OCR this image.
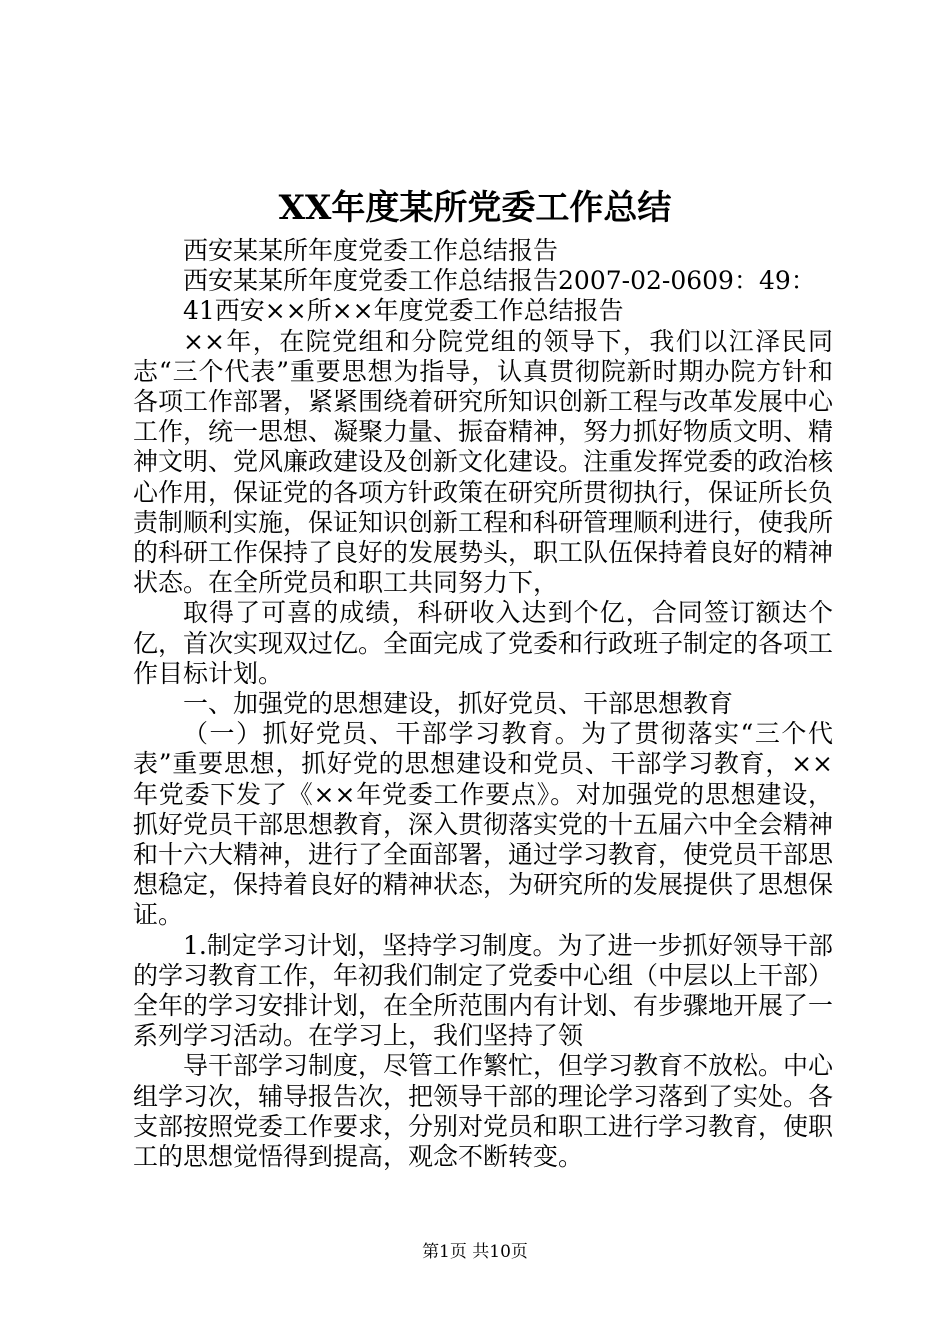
XX年度某所党委工作总结

西安某某所年度党委工作总结报告

西安某某所年度党委工作总结报告2007-02-0609：49：

41西安××所××年度党委工作总结报告

××年，在院党组和分院党组的领导下，我们以江泽民同志“三个代表”重要思想为指导，认真贯彻院新时期办院方针和各项工作部署，紧紧围绕着研究所知识创新工程与改革发展中心工作，统一思想、凝聚力量、振奋精神，努力抓好物质文明、精神文明、党风廉政建设及创新文化建设。注重发挥党委的政治核心作用，保证党的各项方针政策在研究所贯彻执行，保证所长负责制顺利实施，保证知识创新工程和科研管理顺利进行，使我所的科研工作保持了良好的发展势头，职工队伍保持着良好的精神状态。在全所党员和职工共同努力下，

取得了可喜的成绩，科研收入达到个亿，合同签订额达个亿，首次实现双过亿。全面完成了党委和行政班子制定的各项工作目标计划。

一、加强党的思想建设，抓好党员、干部思想教育

（一）抓好党员、干部学习教育。为了贯彻落实“三个代表”重要思想，抓好党的思想建设和党员、干部学习教育，××年党委下发了《××年党委工作要点》。对加强党的思想建设，抓好党员干部思想教育，深入贯彻落实党的十五届六中全会精神和十六大精神，进行了全面部署，通过学习教育，使党员干部思想稳定，保持着良好的精神状态，为研究所的发展提供了思想保证。

1.制定学习计划，坚持学习制度。为了进一步抓好领导干部的学习教育工作，年初我们制定了党委中心组（中层以上干部）全年的学习安排计划，在全所范围内有计划、有步骤地开展了一系列学习活动。在学习上，我们坚持了领

导干部学习制度，尽管工作繁忙，但学习教育不放松。中心组学习次，辅导报告次，把领导干部的理论学习落到了实处。各支部按照党委工作要求，分别对党员和职工进行学习教育，使职工的思想觉悟得到提高，观念不断转变。

第1页 共10页
